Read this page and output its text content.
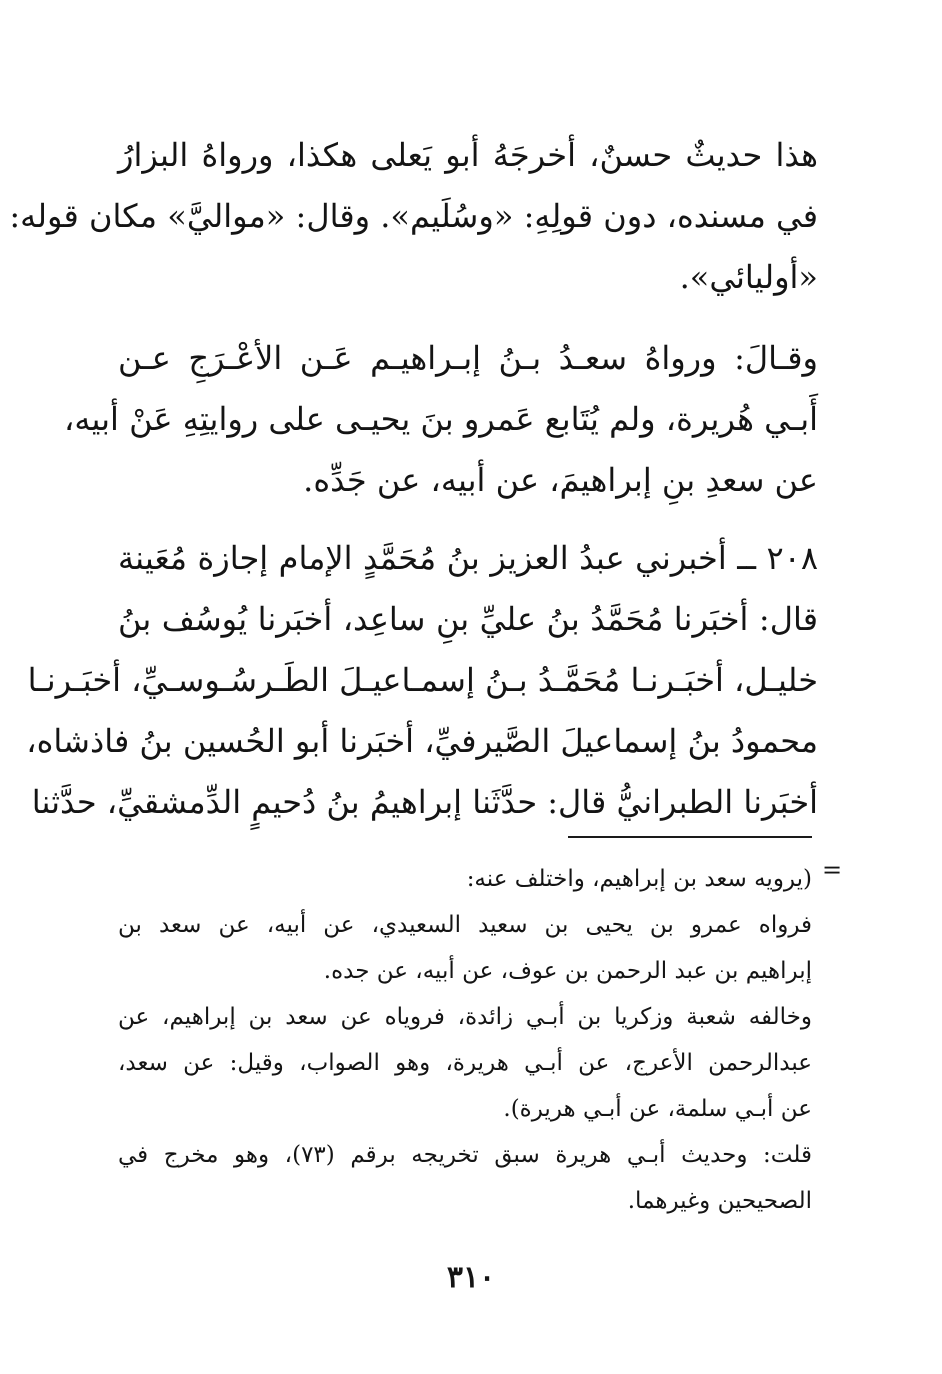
هذا حديثٌ حسنٌ، أخرجَهُ أبو يَعلى هكذا، ورواهُ البزارُ
في مسنده، دون قولِهِ: «وسُلَيم». وقال: «مواليَّ» مكان قوله:
«أوليائي».
وقـالَ: ورواهُ سعـدُ بـنُ إبـراهيـم عَـن الأعْـرَجِ عـن
أَبـي هُريرة، ولم يُتَابع عَمرو بنَ يحيـى على روايتِهِ عَنْ أبيه،
عن سعدِ بنِ إبراهيمَ، عن أبيه، عن جَدِّه.
٢٠٨ ــ أخبرني عبدُ العزيز بنُ مُحَمَّدٍ الإمام إجازة مُعَينة
قال: أخبَرنا مُحَمَّدُ بنُ عليِّ بنِ ساعِد، أخبَرنا يُوسُف بنُ
خليـل، أخبَـرنـا مُحَمَّـدُ بـنُ إسمـاعيـلَ الطَـرسُـوسـيِّ، أخبَـرنـا
محمودُ بنُ إسماعيلَ الصَّيرفيِّ، أخبَرنا أبو الحُسين بنُ فاذشاه،
أخبَرنا الطبرانيُّ قال: حدَّثَنا إبراهيمُ بنُ دُحيمٍ الدِّمشقيِّ، حدَّثنا
=
(يرويه سعد بن إبراهيم، واختلف عنه:
فرواه عمرو بن يحيى بن سعيد السعيدي، عن أبيه، عن سعد بن
إبراهيم بن عبد الرحمن بن عوف، عن أبيه، عن جده.
وخالفه شعبة وزكريا بن أبـي زائدة، فروياه عن سعد بن إبراهيم، عن
عبدالرحمن الأعرج، عن أبـي هريرة، وهو الصواب، وقيل: عن سعد،
عن أبـي سلمة، عن أبـي هريرة).
قلت: وحديث أبـي هريرة سبق تخريجه برقم (٧٣)، وهو مخرج في
الصحيحين وغيرهما.
٣١٠
